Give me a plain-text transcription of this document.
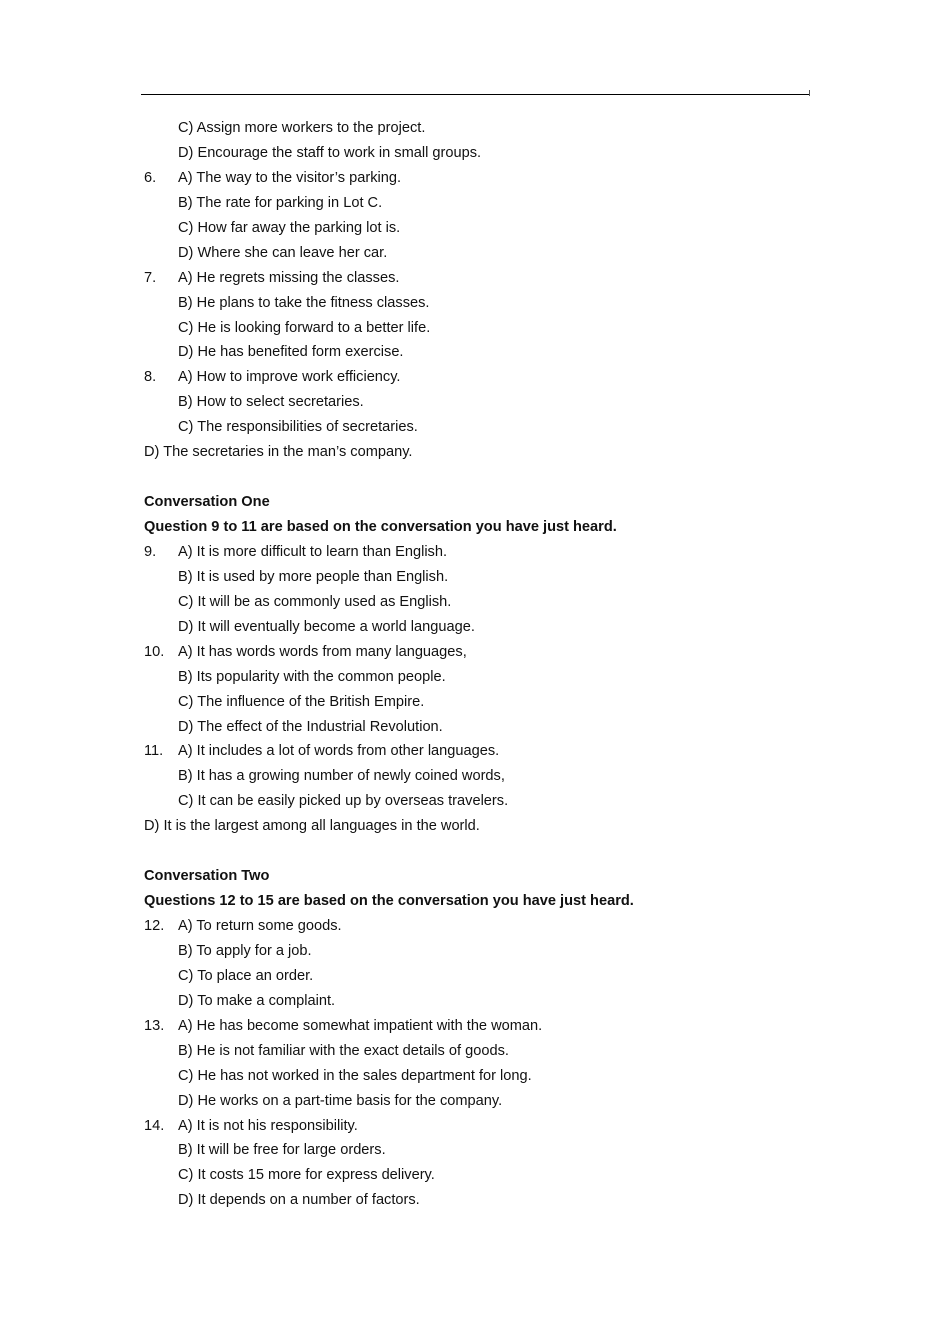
C) Assign more workers to the project.
D) Encourage the staff to work in small groups.
6. A) The way to the visitor’s parking.
B) The rate for parking in Lot C.
C) How far away the parking lot is.
D) Where she can leave her car.
7. A) He regrets missing the classes.
B) He plans to take the fitness classes.
C) He is looking forward to a better life.
D) He has benefited form exercise.
8. A) How to improve work efficiency.
B) How to select secretaries.
C) The responsibilities of secretaries.
D) The secretaries in the man’s company.
Conversation One
Question 9 to 11 are based on the conversation you have just heard.
9. A) It is more difficult to learn than English.
B) It is used by more people than English.
C) It will be as commonly used as English.
D) It will eventually become a world language.
10. A) It has words words from many languages,
B) Its popularity with the common people.
C) The influence of the British Empire.
D) The effect of the Industrial Revolution.
11. A) It includes a lot of words from other languages.
B) It has a growing number of newly coined words,
C) It can be easily picked up by overseas travelers.
D) It is the largest among all languages in the world.
Conversation Two
Questions 12 to 15 are based on the conversation you have just heard.
12. A) To return some goods.
B) To apply for a job.
C) To place an order.
D) To make a complaint.
13. A) He has become somewhat impatient with the woman.
B) He is not familiar with the exact details of goods.
C) He has not worked in the sales department for long.
D) He works on a part-time basis for the company.
14. A) It is not his responsibility.
B) It will be free for large orders.
C) It costs 15 more for express delivery.
D) It depends on a number of factors.
